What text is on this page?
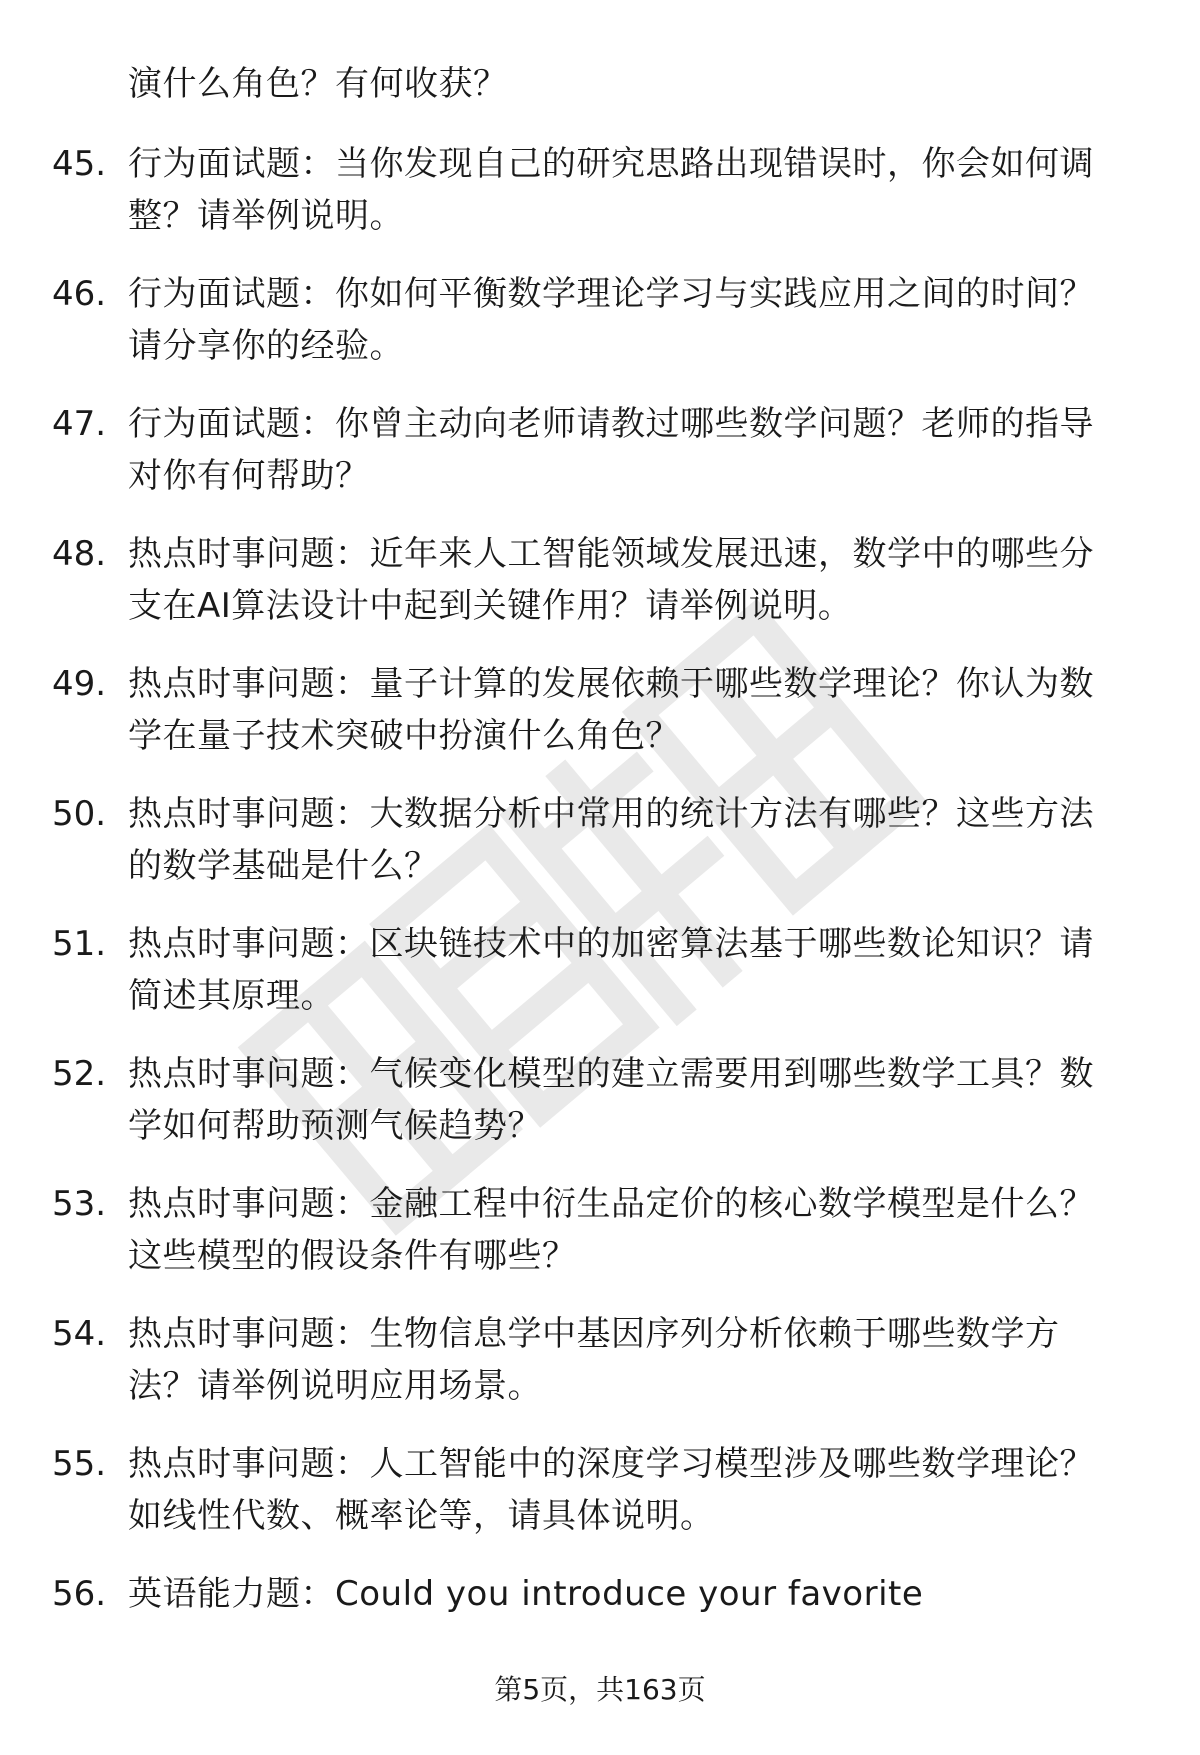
演什么角色？有何收获？
45. 行为面试题：当你发现自己的研究思路出现错误时，你会如何调
整？请举例说明。
46. 行为面试题：你如何平衡数学理论学习与实践应用之间的时间？
请分享你的经验。
47. 行为面试题：你曾主动向老师请教过哪些数学问题？老师的指导
对你有何帮助？
48. 热点时事问题：近年来人工智能领域发展迅速，数学中的哪些分
支在AI算法设计中起到关键作用？请举例说明。
49. 热点时事问题：量子计算的发展依赖于哪些数学理论？你认为数
学在量子技术突破中扮演什么角色？
50. 热点时事问题：大数据分析中常用的统计方法有哪些？这些方法
的数学基础是什么？
51. 热点时事问题：区块链技术中的加密算法基于哪些数论知识？请
简述其原理。
52. 热点时事问题：气候变化模型的建立需要用到哪些数学工具？数
学如何帮助预测气候趋势？
53. 热点时事问题：金融工程中衍生品定价的核心数学模型是什么？
这些模型的假设条件有哪些？
54. 热点时事问题：生物信息学中基因序列分析依赖于哪些数学方
法？请举例说明应用场景。
55. 热点时事问题：人工智能中的深度学习模型涉及哪些数学理论？
如线性代数、概率论等，请具体说明。
56. 英语能力题：Could you introduce your favorite
第5页，共163页
